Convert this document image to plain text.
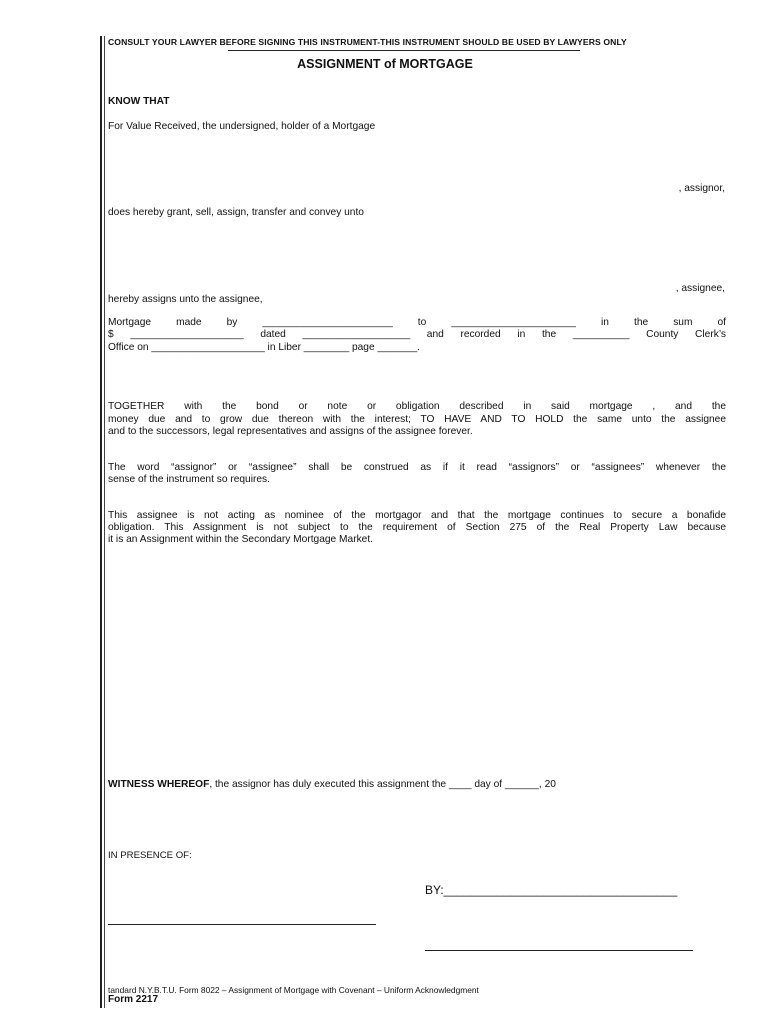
CONSULT YOUR LAWYER BEFORE SIGNING THIS INSTRUMENT-THIS INSTRUMENT SHOULD BE USED BY LAWYERS ONLY
ASSIGNMENT of MORTGAGE
KNOW THAT
For Value Received, the undersigned, holder of a Mortgage
, assignor,
does hereby grant, sell, assign, transfer and convey unto
, assignee,
hereby assigns unto the assignee,
Mortgage made by _______________________ to ______________________ in the sum of
$ ____________________ dated ___________________ and recorded in the __________ County Clerk’s
Office on ____________________ in Liber ________ page _______.
TOGETHER with the bond or note or obligation described in said mortgage , and the
money due and to grow due thereon with the interest; TO HAVE AND TO HOLD the same unto the assignee
and to the successors, legal representatives and assigns of the assignee forever.
The word “assignor” or “assignee” shall be construed as if it read “assignors” or “assignees” whenever the
sense of the instrument so requires.
This assignee is not acting as nominee of the mortgagor and that the mortgage continues to secure a bonafide
obligation. This Assignment is not subject to the requirement of Section 275 of the Real Property Law because
it is an Assignment within the Secondary Mortgage Market.
WITNESS WHEREOF, the assignor has duly executed this assignment the ____ day of ______, 20
IN PRESENCE OF:
BY:___________________________________
tandard N.Y.B.T.U. Form 8022 – Assignment of Mortgage with Covenant – Uniform Acknowledgment
Form 2217
